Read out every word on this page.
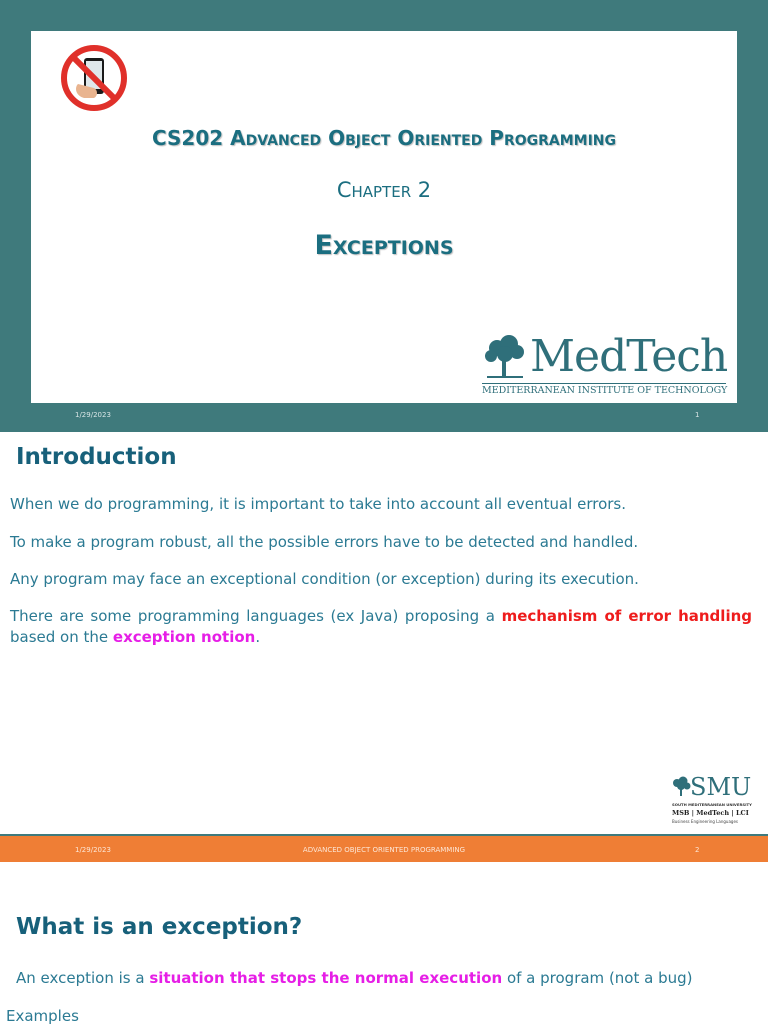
CS202 Advanced Object Oriented Programming
Chapter 2
Exceptions
MedTech
MEDITERRANEAN INSTITUTE OF TECHNOLOGY
1/29/2023	1
Introduction
When we do programming, it is important to take into account all eventual errors.
To make a program robust, all the possible errors have to be detected and handled.
Any program may face an exceptional condition (or exception) during its execution.
There are some programming languages (ex Java) proposing a mechanism of error handling based on the exception notion.
SMU
SOUTH MEDITERRANEAN UNIVERSITY
MSB | MedTech | LCI
Business Engineering Languages
1/29/2023	ADVANCED OBJECT ORIENTED PROGRAMMING	2
What is an exception?
An exception is a situation that stops the normal execution of a program (not a bug)
Examples
